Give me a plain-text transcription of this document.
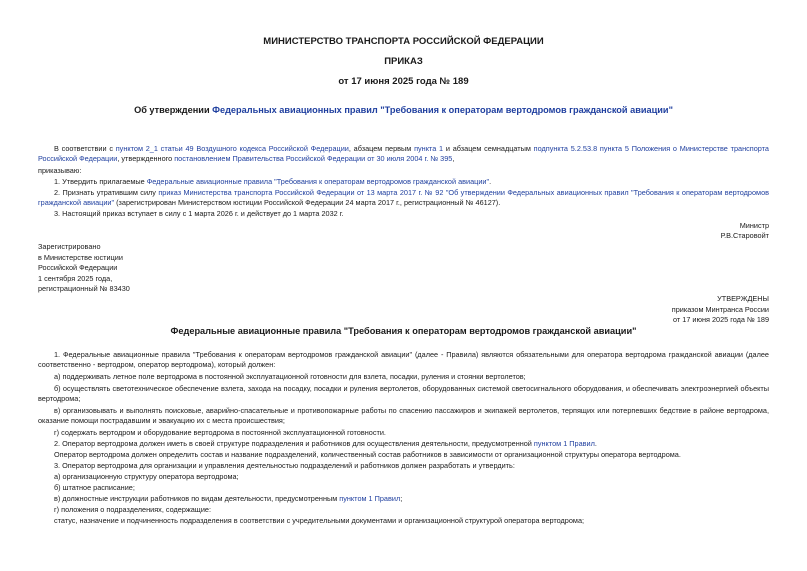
МИНИСТЕРСТВО ТРАНСПОРТА РОССИЙСКОЙ ФЕДЕРАЦИИ
ПРИКАЗ
от 17 июня 2025 года № 189
Об утверждении Федеральных авиационных правил "Требования к операторам вертодромов гражданской авиации"
В соответствии с пунктом 2_1 статьи 49 Воздушного кодекса Российской Федерации, абзацем первым пункта 1 и абзацем семнадцатым подпункта 5.2.53.8 пункта 5 Положения о Министерстве транспорта Российской Федерации, утвержденного постановлением Правительства Российской Федерации от 30 июля 2004 г. № 395,
приказываю:
1. Утвердить прилагаемые Федеральные авиационные правила "Требования к операторам вертодромов гражданской авиации".
2. Признать утратившим силу приказ Министерства транспорта Российской Федерации от 13 марта 2017 г. № 92 "Об утверждении Федеральных авиационных правил "Требования к операторам вертодромов гражданской авиации" (зарегистрирован Министерством юстиции Российской Федерации 24 марта 2017 г., регистрационный № 46127).
3. Настоящий приказ вступает в силу с 1 марта 2026 г. и действует до 1 марта 2032 г.
Министр
Р.В.Старовойт
Зарегистрировано
в Министерстве юстиции
Российской Федерации
1 сентября 2025 года,
регистрационный № 83430
УТВЕРЖДЕНЫ
приказом Минтранса России
от 17 июня 2025 года № 189
Федеральные авиационные правила "Требования к операторам вертодромов гражданской авиации"
1. Федеральные авиационные правила "Требования к операторам вертодромов гражданской авиации" (далее - Правила) являются обязательными для оператора вертодрома гражданской авиации (далее соответственно - вертодром, оператор вертодрома), который должен:
а) поддерживать летное поле вертодрома в постоянной эксплуатационной готовности для взлета, посадки, руления и стоянки вертолетов;
б) осуществлять светотехническое обеспечение взлета, захода на посадку, посадки и руления вертолетов, оборудованных системой светосигнального оборудования, и обеспечивать электроэнергией объекты вертодрома;
в) организовывать и выполнять поисковые, аварийно-спасательные и противопожарные работы по спасению пассажиров и экипажей вертолетов, терпящих или потерпевших бедствие в районе вертодрома, оказание помощи пострадавшим и эвакуацию их с места происшествия;
г) содержать вертодром и оборудование вертодрома в постоянной эксплуатационной готовности.
2. Оператор вертодрома должен иметь в своей структуре подразделения и работников для осуществления деятельности, предусмотренной пунктом 1 Правил.
Оператор вертодрома должен определить состав и название подразделений, количественный состав работников в зависимости от организационной структуры оператора вертодрома.
3. Оператор вертодрома для организации и управления деятельностью подразделений и работников должен разработать и утвердить:
а) организационную структуру оператора вертодрома;
б) штатное расписание;
в) должностные инструкции работников по видам деятельности, предусмотренным пунктом 1 Правил;
г) положения о подразделениях, содержащие:
статус, назначение и подчиненность подразделения в соответствии с учредительными документами и организационной структурой оператора вертодрома;
